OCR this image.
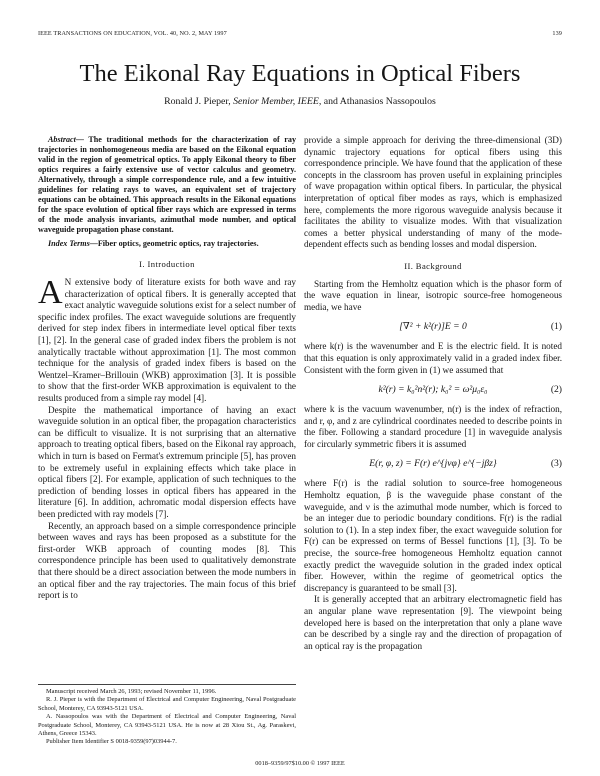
IEEE TRANSACTIONS ON EDUCATION, VOL. 40, NO. 2, MAY 1997	139
The Eikonal Ray Equations in Optical Fibers
Ronald J. Pieper, Senior Member, IEEE, and Athanasios Nassopoulos

Abstract— The traditional methods for the characterization of ray trajectories in nonhomogeneous media are based on the Eikonal equation valid in the region of geometrical optics. To apply Eikonal theory to fiber optics requires a fairly extensive use of vector calculus and geometry. Alternatively, through a simple correspondence rule, and a few intuitive guidelines for relating rays to waves, an equivalent set of trajectory equations can be obtained. This approach results in the Eikonal equations for the space evolution of optical fiber rays which are expressed in terms of the mode analysis invariants, azimuthal mode number, and optical waveguide propagation phase constant.

Index Terms—Fiber optics, geometric optics, ray trajectories.

I. Introduction

A N extensive body of literature exists for both wave and ray characterization of optical fibers. It is generally accepted that exact analytic waveguide solutions exist for a select number of specific index profiles. The exact waveguide solutions are frequently derived for step index fibers in intermediate level optical fiber texts [1], [2]. In the general case of graded index fibers the problem is not analytically tractable without approximation [1]. The most common technique for the analysis of graded index fibers is based on the Wentzel–Kramer–Brillouin (WKB) approximation [3]. It is possible to show that the first-order WKB approximation is equivalent to the results produced from a simple ray model [4].

Despite the mathematical importance of having an exact waveguide solution in an optical fiber, the propagation characteristics can be difficult to visualize. It is not surprising that an alternative approach to treating optical fibers, based on the Eikonal ray approach, which in turn is based on Fermat's extremum principle [5], has proven to be extremely useful in explaining effects which take place in optical fibers [2]. For example, application of such techniques to the prediction of bending losses in optical fibers has appeared in the literature [6]. In addition, achromatic modal dispersion effects have been predicted with ray models [7].

Recently, an approach based on a simple correspondence principle between waves and rays has been proposed as a substitute for the first-order WKB approach of counting modes [8]. This correspondence principle has been used to qualitatively demonstrate that there should be a direct association between the mode numbers in an optical fiber and the ray trajectories. The main focus of this brief report is to

Manuscript received March 26, 1993; revised November 11, 1996.

R. J. Pieper is with the Department of Electrical and Computer Engineering, Naval Postgraduate School, Monterey, CA 93943-5121 USA.

A. Nassopoulos was with the Department of Electrical and Computer Engineering, Naval Postgraduate School, Monterey, CA 93943-5121 USA. He is now at 28 Xiou St., Ag. Paraskevi, Athens, Greece 15343.

Publisher Item Identifier S 0018-9359(97)03944-7.

provide a simple approach for deriving the three-dimensional (3D) dynamic trajectory equations for optical fibers using this correspondence principle. We have found that the application of these concepts in the classroom has proven useful in explaining principles of wave propagation within optical fibers. In particular, the physical interpretation of optical fiber modes as rays, which is emphasized here, complements the more rigorous waveguide analysis because it facilitates the ability to visualize modes. With that visualization comes a better physical understanding of many of the mode-dependent effects such as bending losses and modal dispersion.

II. Background

Starting from the Hemholtz equation which is the phasor form of the wave equation in linear, isotropic source-free homogeneous media, we have

[∇² + k²(r)]E = 0	(1)

where k(r) is the wavenumber and E is the electric field. It is noted that this equation is only approximately valid in a graded index fiber. Consistent with the form given in (1) we assumed that

k²(r) = k₀²n²(r); k₀² = ω²μ₀ε₀	(2)

where k is the vacuum wavenumber, n(r) is the index of refraction, and r, φ, and z are cylindrical coordinates needed to describe points in the fiber. Following a standard procedure [1] in waveguide analysis for circularly symmetric fibers it is assumed

E(r, φ, z) = F(r) e^{jνφ} e^{−jβz}	(3)

where F(r) is the radial solution to source-free homogeneous Hemholtz equation, β is the waveguide phase constant of the waveguide, and ν is the azimuthal mode number, which is forced to be an integer due to periodic boundary conditions. F(r) is the radial solution to (1). In a step index fiber, the exact waveguide solution for F(r) can be expressed on terms of Bessel functions [1], [3]. To be precise, the source-free homogeneous Hemholtz equation cannot exactly predict the waveguide solution in the graded index optical fiber. However, within the regime of geometrical optics the discrepancy is guaranteed to be small [3].

It is generally accepted that an arbitrary electromagnetic field has an angular plane wave representation [9]. The viewpoint being developed here is based on the interpretation that only a plane wave can be described by a single ray and the direction of propagation of an optical ray is the propagation

0018–9359/97$10.00 © 1997 IEEE
